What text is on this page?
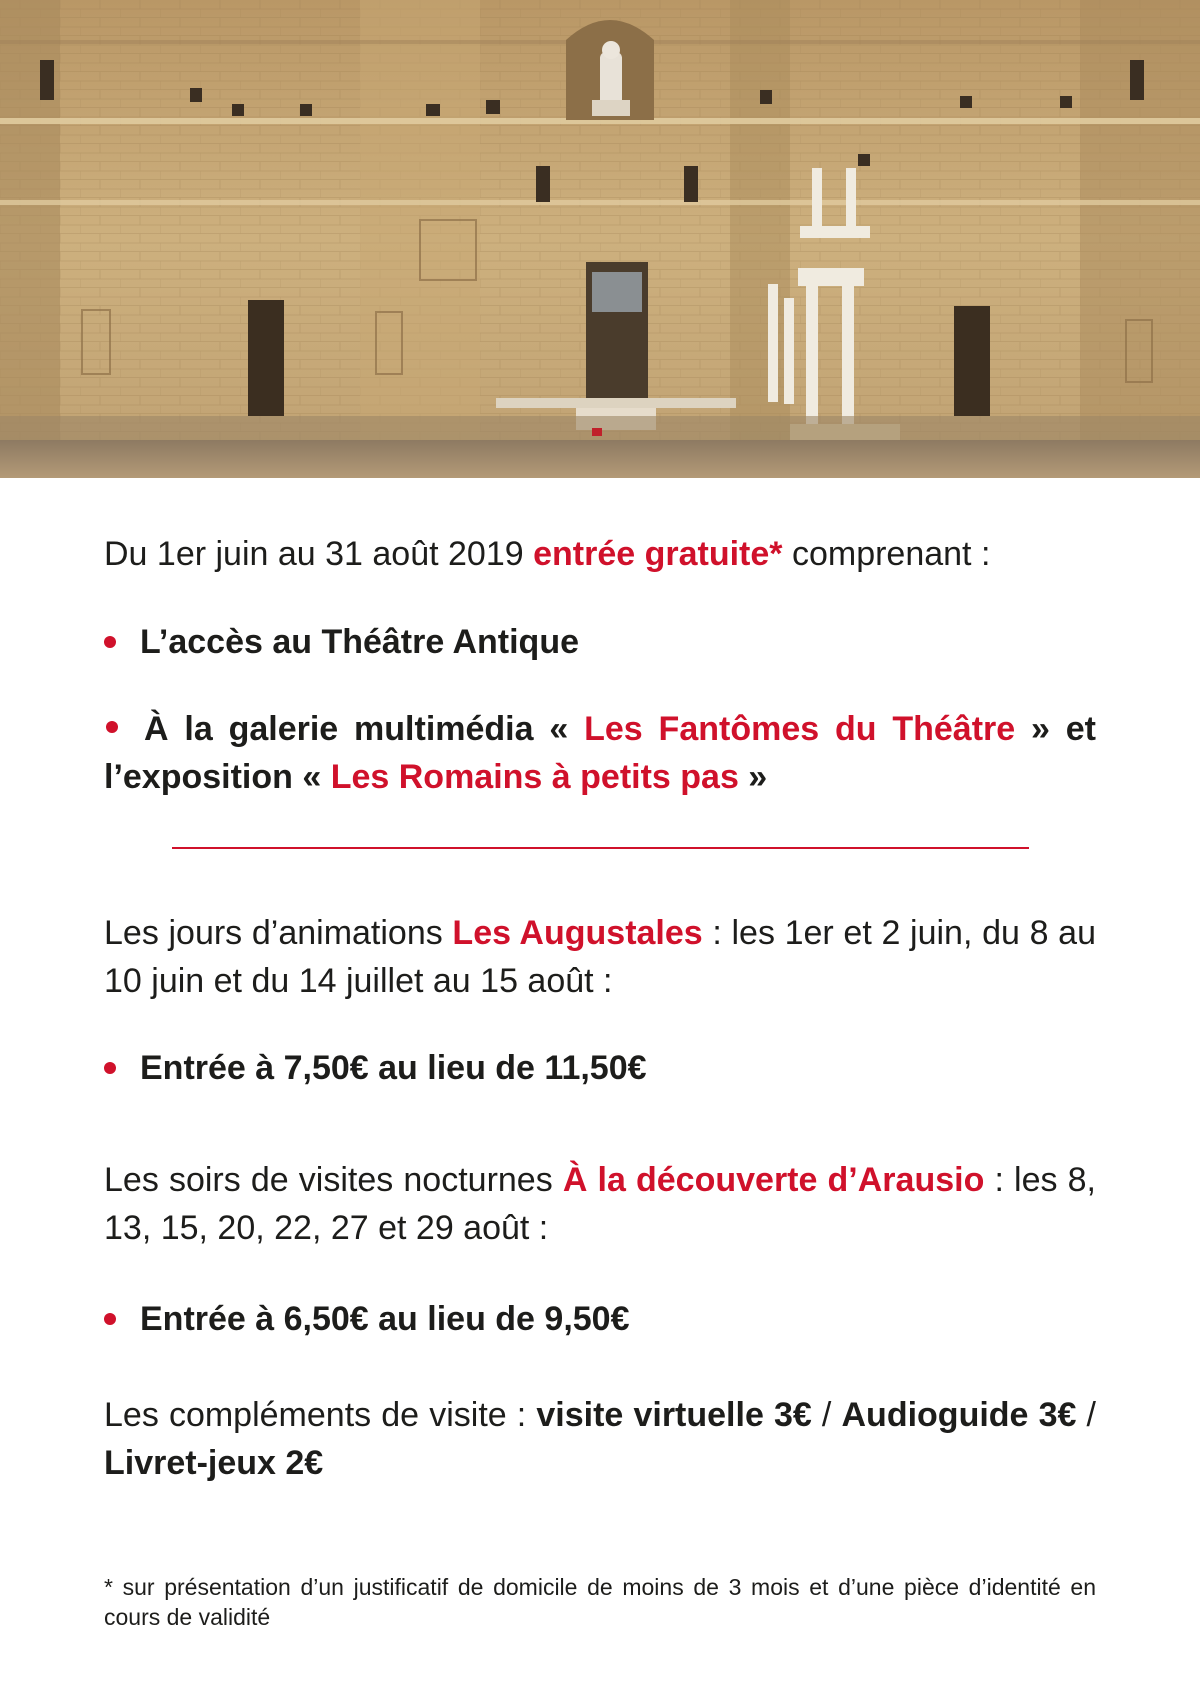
Du 1er juin au 31 août 2019 entrée gratuite* comprenant :

L’accès au Théâtre Antique

À la galerie multimédia « Les Fantômes du Théâtre » et l’exposition « Les Romains à petits pas »

Les jours d’animations Les Augustales : les 1er et 2 juin, du 8 au 10 juin et du 14 juillet au 15 août :

Entrée à 7,50€ au lieu de 11,50€

Les soirs de visites nocturnes À la découverte d’Arausio : les 8, 13, 15, 20, 22, 27 et 29 août :

Entrée à 6,50€ au lieu de 9,50€

Les compléments de visite : visite virtuelle 3€ / Audioguide 3€ / Livret-jeux 2€

* sur présentation d’un justificatif de domicile de moins de 3 mois et d’une pièce d’identité en cours de validité
